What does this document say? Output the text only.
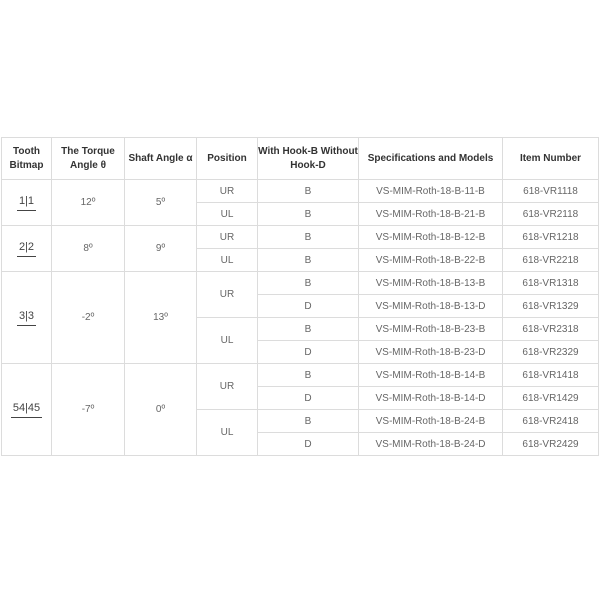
Tooth Bitmap	The Torque Angle θ	Shaft Angle α	Position	With Hook-B Without Hook-D	Specifications and Models	Item Number
1|1	12º	5º	UR	B	VS-MIM-Roth-18-B-11-B	618-VR1118
			UL	B	VS-MIM-Roth-18-B-21-B	618-VR2118
2|2	8º	9º	UR	B	VS-MIM-Roth-18-B-12-B	618-VR1218
			UL	B	VS-MIM-Roth-18-B-22-B	618-VR2218
3|3	-2º	13º	UR	B	VS-MIM-Roth-18-B-13-B	618-VR1318
				D	VS-MIM-Roth-18-B-13-D	618-VR1329
			UL	B	VS-MIM-Roth-18-B-23-B	618-VR2318
				D	VS-MIM-Roth-18-B-23-D	618-VR2329
54|45	-7º	0º	UR	B	VS-MIM-Roth-18-B-14-B	618-VR1418
				D	VS-MIM-Roth-18-B-14-D	618-VR1429
			UL	B	VS-MIM-Roth-18-B-24-B	618-VR2418
				D	VS-MIM-Roth-18-B-24-D	618-VR2429
